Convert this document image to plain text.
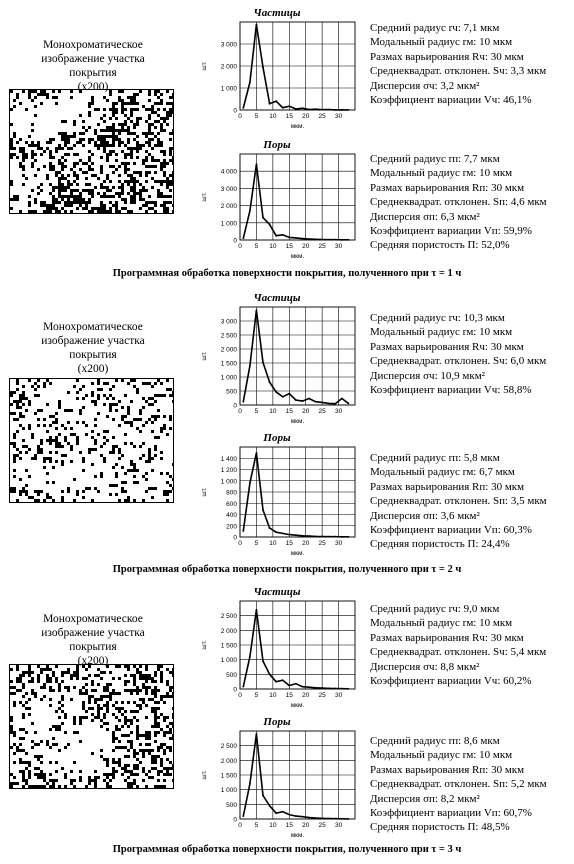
Монохроматическое
изображение участка покрытия
(x200)
Частицы
0
1 000
2 000
3 000
0 5 10 15 20 25 30
шт.
мкм.
Средний радиус rч: 7,1 мкм
Модальный радиус rм: 10 мкм
Размах варьирования Rч: 30 мкм
Среднеквадрат. отклонен. Sч: 3,3 мкм
Дисперсия σч: 3,2 мкм²
Коэффициент вариации Vч: 46,1%
Поры
0
1 000
2 000
3 000
4 000
0 5 10 15 20 25 30
шт.
мкм.
Средний радиус rп: 7,7 мкм
Модальный радиус rм: 10 мкм
Размах варьирования Rп: 30 мкм
Среднеквадрат. отклонен. Sп: 4,6 мкм
Дисперсия σп: 6,3 мкм²
Коэффициент вариации Vп: 59,9%
Средняя пористость П: 52,0%
Программная обработка поверхности покрытия, полученного при τ = 1 ч
Монохроматическое
изображение участка покрытия
(x200)
Частицы
0
500
1 000
1 500
2 000
2 500
3 000
0 5 10 15 20 25 30
шт.
мкм.
Средний радиус rч: 10,3 мкм
Модальный радиус rм: 10 мкм
Размах варьирования Rч: 30 мкм
Среднеквадрат. отклонен. Sч: 6,0 мкм
Дисперсия σч: 10,9 мкм²
Коэффициент вариации Vч: 58,8%
Поры
0
200
400
600
800
1 000
1 200
1 400
0 5 10 15 20 25 30
шт.
мкм.
Средний радиус rп: 5,8 мкм
Модальный радиус rм: 6,7 мкм
Размах варьирования Rп: 30 мкм
Среднеквадрат. отклонен. Sп: 3,5 мкм
Дисперсия σп: 3,6 мкм²
Коэффициент вариации Vп: 60,3%
Средняя пористость П: 24,4%
Программная обработка поверхности покрытия, полученного при τ = 2 ч
Монохроматическое
изображение участка покрытия
(x200)
Частицы
0
500
1 000
1 500
2 000
2 500
0 5 10 15 20 25 30
шт.
мкм.
Средний радиус rч: 9,0 мкм
Модальный радиус rм: 10 мкм
Размах варьирования Rч: 30 мкм
Среднеквадрат. отклонен. Sч: 5,4 мкм
Дисперсия σч: 8,8 мкм²
Коэффициент вариации Vч: 60,2%
Поры
0
500
1 000
1 500
2 000
2 500
0 5 10 15 20 25 30
шт.
мкм.
Средний радиус rп: 8,6 мкм
Модальный радиус rм: 10 мкм
Размах варьирования Rп: 30 мкм
Среднеквадрат. отклонен. Sп: 5,2 мкм
Дисперсия σп: 8,2 мкм²
Коэффициент вариации Vп: 60,7%
Средняя пористость П: 48,5%
Программная обработка поверхности покрытия, полученного при τ = 3 ч
